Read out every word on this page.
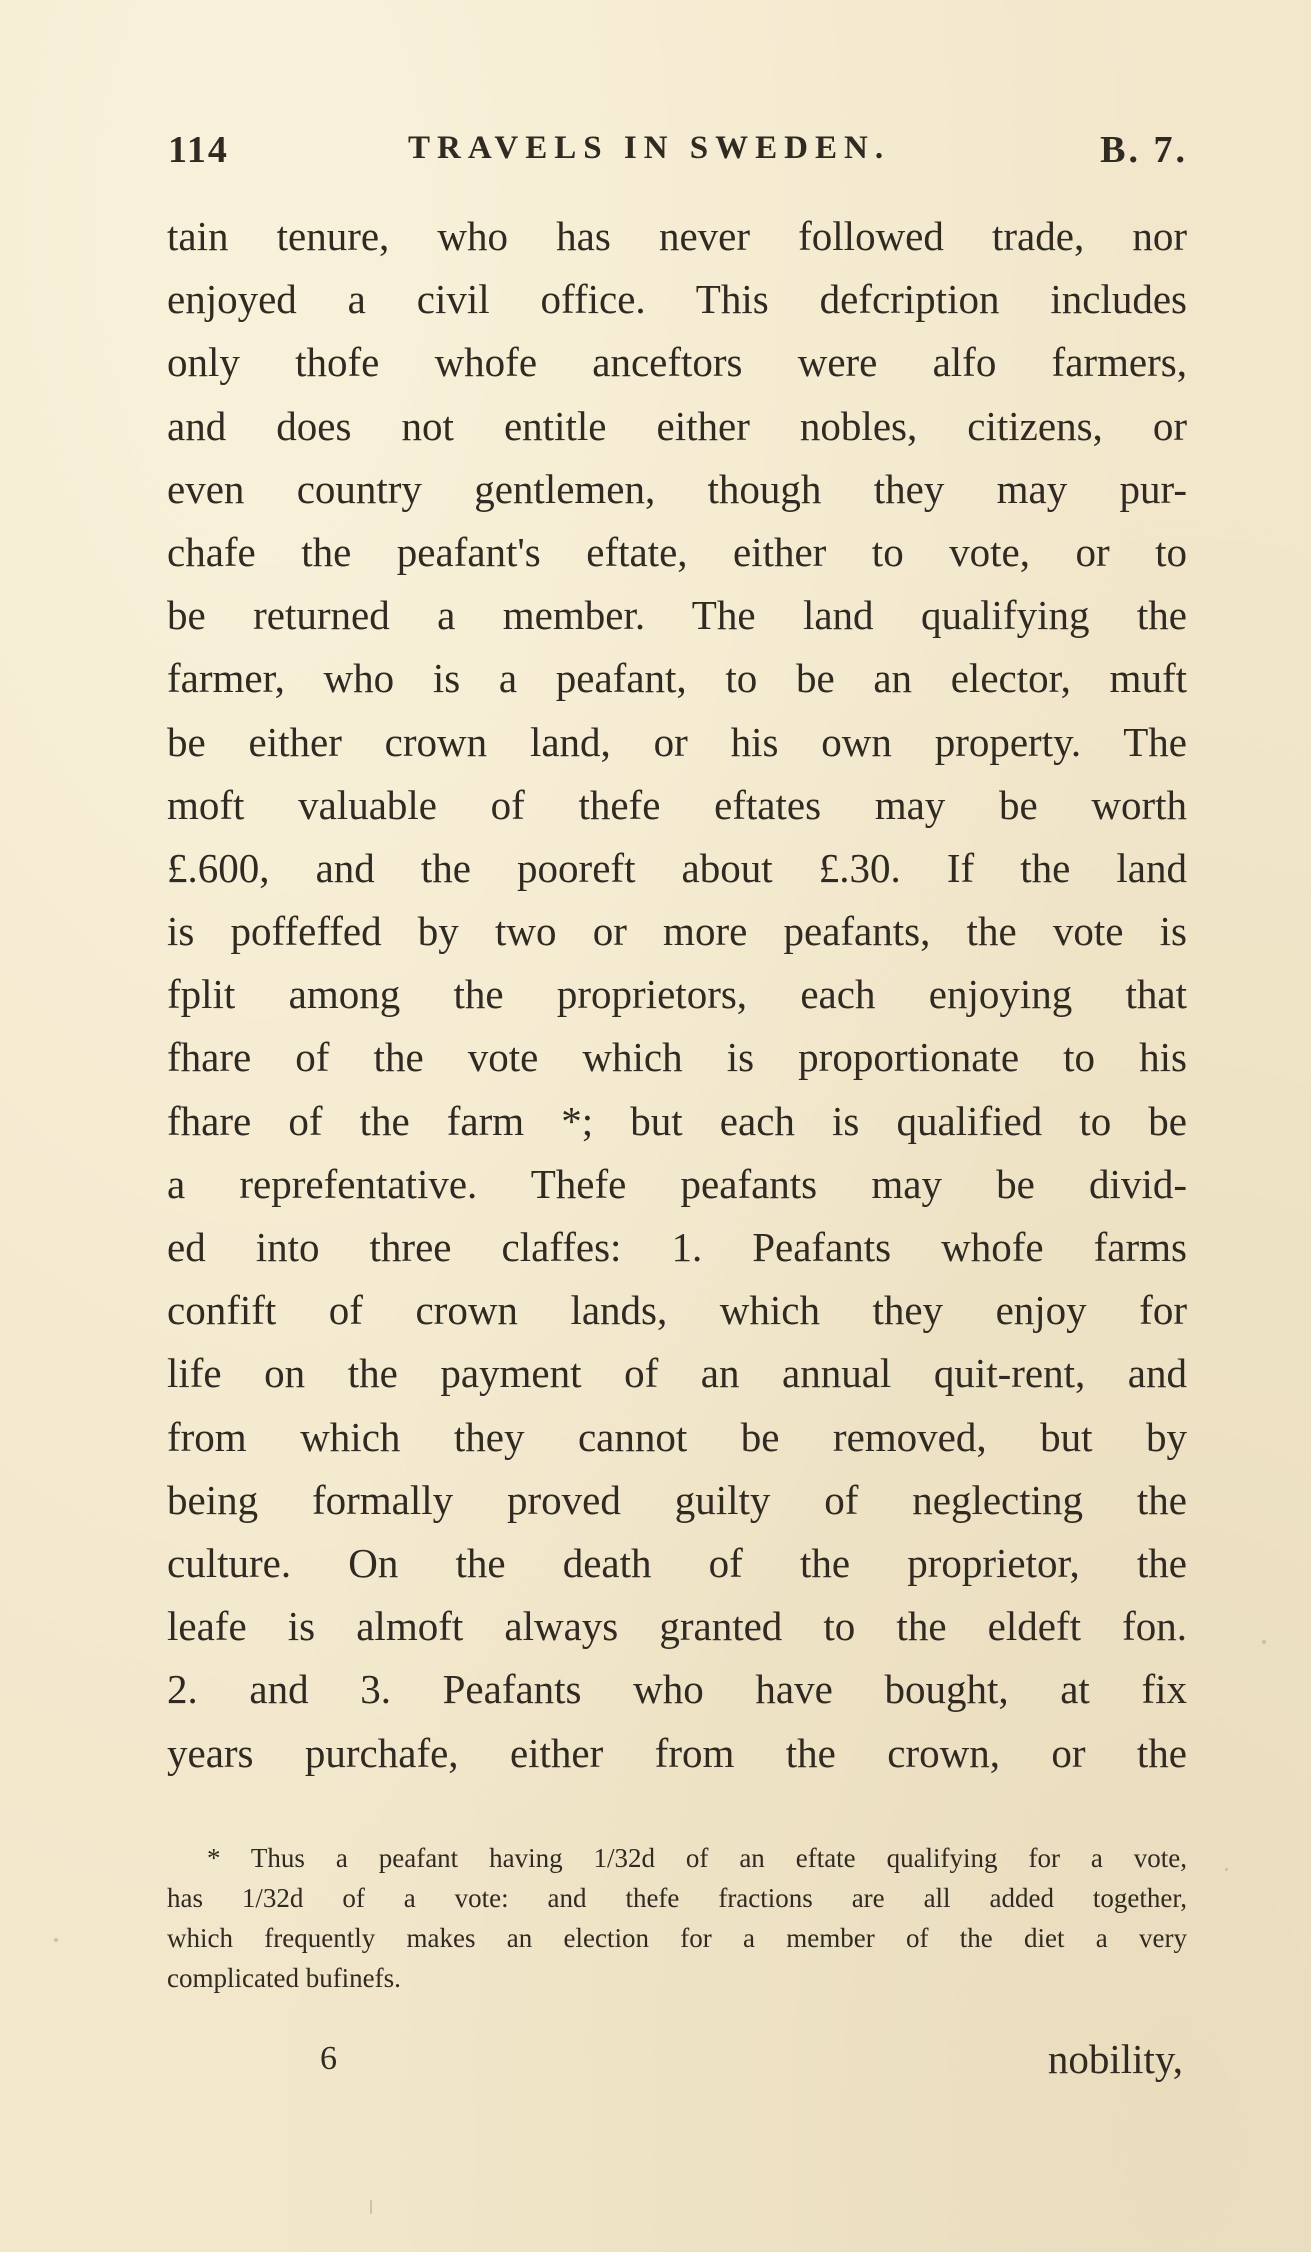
114	TRAVELS IN SWEDEN.	B. 7.
tain tenure, who has never followed trade, nor
enjoyed a civil office. This defcription includes
only thofe whofe anceftors were alfo farmers,
and does not entitle either nobles, citizens, or
even country gentlemen, though they may pur-
chafe the peafant's eftate, either to vote, or to
be returned a member. The land qualifying the
farmer, who is a peafant, to be an elector, muft
be either crown land, or his own property. The
moft valuable of thefe eftates may be worth
£.600, and the pooreft about £.30. If the land
is poffeffed by two or more peafants, the vote is
fplit among the proprietors, each enjoying that
fhare of the vote which is proportionate to his
fhare of the farm *; but each is qualified to be
a reprefentative. Thefe peafants may be divid-
ed into three claffes: 1. Peafants whofe farms
confift of crown lands, which they enjoy for
life on the payment of an annual quit-rent, and
from which they cannot be removed, but by
being formally proved guilty of neglecting the
culture. On the death of the proprietor, the
leafe is almoft always granted to the eldeft fon.
2. and 3. Peafants who have bought, at fix
years purchafe, either from the crown, or the
* Thus a peafant having 1/32d of an eftate qualifying for a vote,
has 1/32d of a vote: and thefe fractions are all added together,
which frequently makes an election for a member of the diet a very
complicated bufinefs.
6	nobility,
